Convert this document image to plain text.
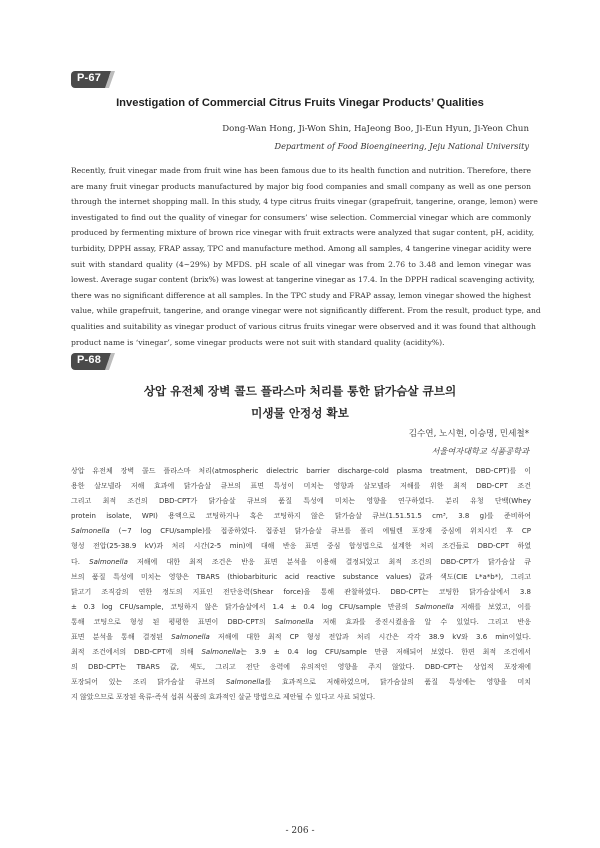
P-67
Investigation of Commercial Citrus Fruits Vinegar Products’ Qualities
Dong-Wan Hong, Ji-Won Shin, HaJeong Boo, Ji-Eun Hyun, Ji-Yeon Chun
Department of Food Bioengineering, Jeju National University
Recently, fruit vinegar made from fruit wine has been famous due to its health function and nutrition. Therefore, there
are many fruit vinegar products manufactured by major big food companies and small company as well as one person
through the internet shopping mall. In this study, 4 type citrus fruits vinegar (grapefruit, tangerine, orange, lemon) were
investigated to find out the quality of vinegar for consumers’ wise selection. Commercial vinegar which are commonly
produced by fermenting mixture of brown rice vinegar with fruit extracts were analyzed that sugar content, pH, acidity,
turbidity, DPPH assay, FRAP assay, TPC and manufacture method. Among all samples, 4 tangerine vinegar acidity were
suit with standard quality (4~29%) by MFDS. pH scale of all vinegar was from 2.76 to 3.48 and lemon vinegar was
lowest. Average sugar content (brix%) was lowest at tangerine vinegar as 17.4. In the DPPH radical scavenging activity,
there was no significant difference at all samples. In the TPC study and FRAP assay, lemon vinegar showed the highest
value, while grapefruit, tangerine, and orange vinegar were not significantly different. From the result, product type, and
qualities and suitability as vinegar product of various citrus fruits vinegar were observed and it was found that although
product name is ‘vinegar’, some vinegar products were not suit with standard quality (acidity%).
P-68
상압 유전체 장벽 콜드 플라스마 처리를 통한 닭가슴살 큐브의
미생물 안정성 확보
김수연, 노시현, 이승명, 민세철*
서울여자대학교 식품공학과
상압 유전체 장벽 콜드 플라스마 처리(atmospheric dielectric barrier discharge-cold plasma treatment, DBD-CPT)를 이
용한 살모넬라 저해 효과에 닭가슴살 큐브의 표면 특성이 미치는 영향과 살모넬라 저해를 위한 최적 DBD-CPT 조건
그리고 최적 조건의 DBD-CPT가 닭가슴살 큐브의 품질 특성에 미치는 영향을 연구하였다. 분리 유청 단백(Whey
protein isolate, WPI) 용액으로 코팅하거나 혹은 코팅하지 않은 닭가슴살 큐브(1.51.51.5 cm³, 3.8 g)를 준비하여
Salmonella (~7 log CFU/sample)를 접종하였다. 접종된 닭가슴살 큐브를 폴리 에틸렌 포장재 중심에 위치시킨 후 CP
형성 전압(25-38.9 kV)과 처리 시간(2-5 min)에 대해 반응 표면 중심 합성법으로 설계한 처리 조건들로 DBD-CPT 하였
다. Salmonella 저해에 대한 최적 조건은 반응 표면 분석을 이용해 결정되었고 최적 조건의 DBD-CPT가 닭가슴살 큐
브의 품질 특성에 미치는 영향은 TBARS (thiobarbituric acid reactive substance values) 값과 색도(CIE L*a*b*), 그리고
닭고기 조직감의 연한 정도의 지표인 전단응력(Shear force)을 통해 관찰하였다. DBD-CPT는 코팅한 닭가슴살에서 3.8
± 0.3 log CFU/sample, 코팅하지 않은 닭가슴살에서 1.4 ± 0.4 log CFU/sample 만큼의 Salmonella 저해를 보였고, 이를
통해 코팅으로 형성 된 평평한 표면이 DBD-CPT의 Salmonella 저해 효과를 증진시켰음을 알 수 있었다. 그리고 반응
표면 분석을 통해 결정된 Salmonella 저해에 대한 최적 CP 형성 전압과 처리 시간은 각각 38.9 kV와 3.6 min이었다.
최적 조건에서의 DBD-CPT에 의해 Salmonella는 3.9 ± 0.4 log CFU/sample 만큼 저해되어 보였다. 한편 최적 조건에서
의 DBD-CPT는 TBARS 값, 색도, 그리고 전단 응력에 유의적인 영향을 주지 않았다. DBD-CPT는 상업적 포장재에
포장되어 있는 조리 닭가슴살 큐브의 Salmonella를 효과적으로 저해하였으며, 닭가슴살의 품질 특성에는 영향을 미치
지 않았으므로 포장된 육류-즉석 섭취 식품의 효과적인 살균 방법으로 제안될 수 있다고 사료 되었다.
- 206 -
